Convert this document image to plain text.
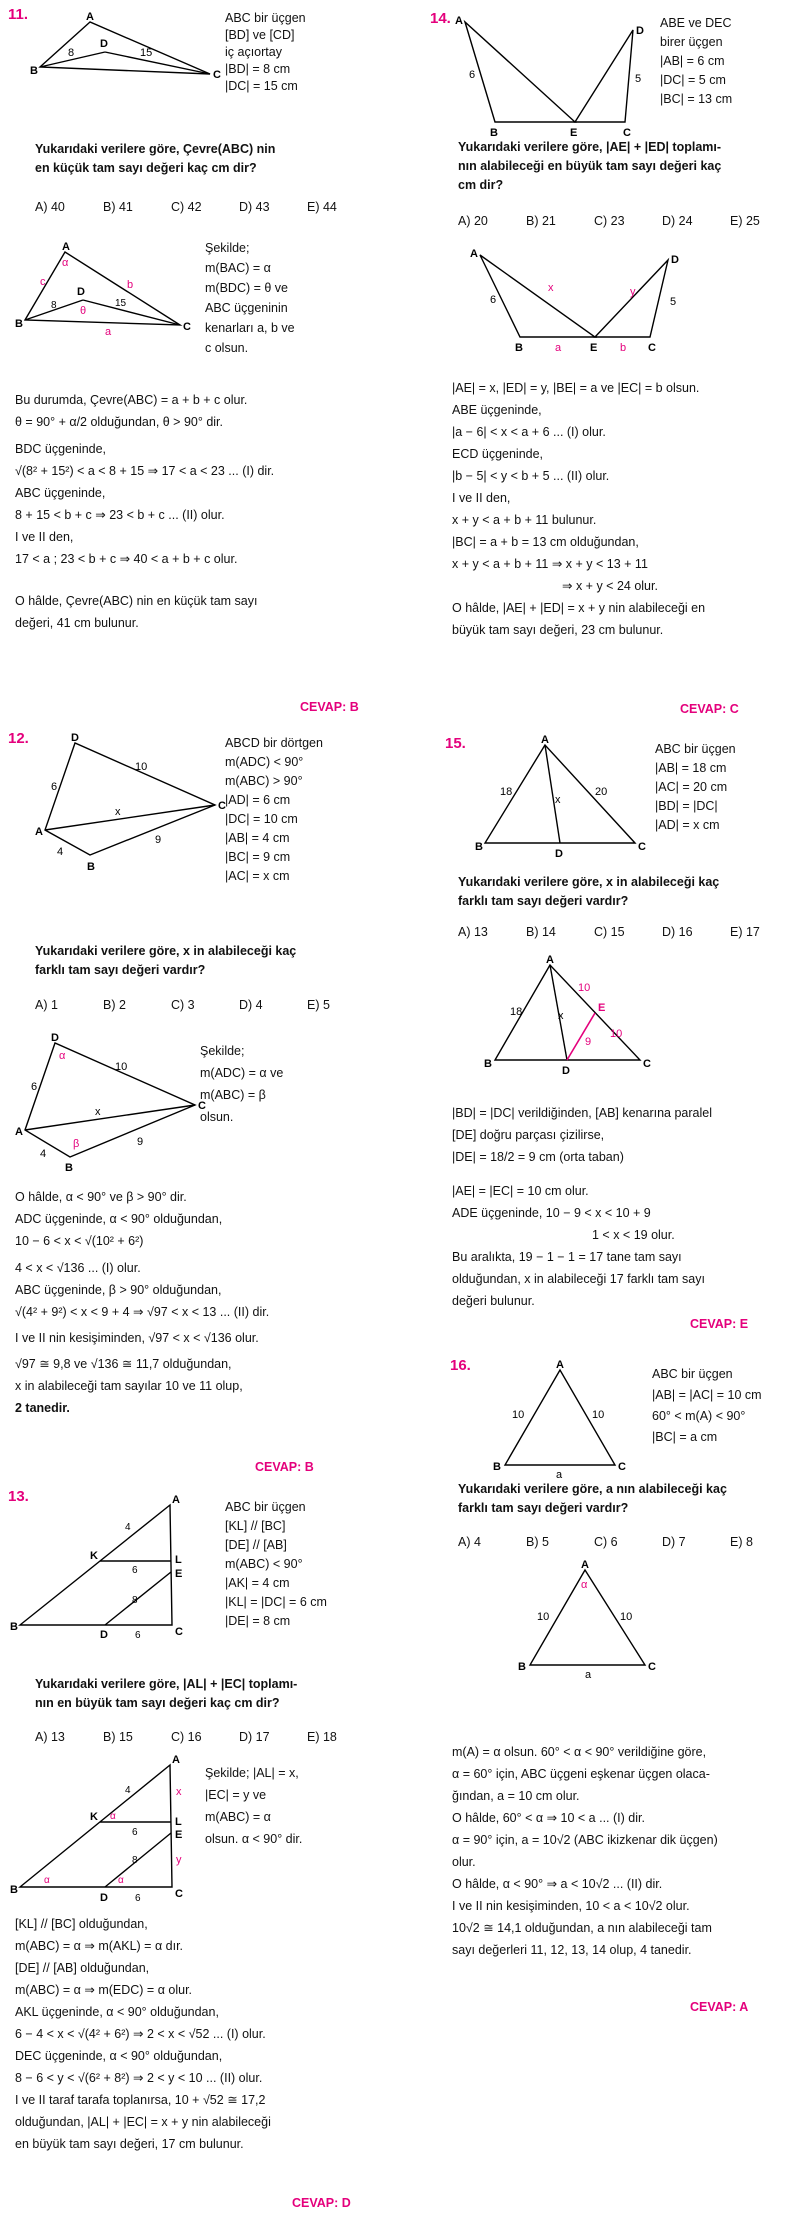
11.	A
B	C
D
8	15
ABC bir üçgen
[BD] ve [CD]
iç açıortay
|BD| = 8 cm
|DC| = 15 cm
Yukarıdaki verilere göre, Çevre(ABC) nin
en küçük tam sayı değeri kaç cm dir?
A) 40	B) 41	C) 42	D) 43	E) 44
A
B	C
D
α
θ
c	b
a
8	15
Şekilde;
m(BAC) = α
m(BDC) = θ ve
ABC üçgeninin
kenarları a, b ve
c olsun.
Bu durumda, Çevre(ABC) = a + b + c olur.
θ = 90° + α/2 olduğundan, θ > 90° dir.
BDC üçgeninde,
√(8² + 15²) < a < 8 + 15 ⇒ 17 < a < 23 ... (I) dir.
ABC üçgeninde,
8 + 15 < b + c ⇒ 23 < b + c ... (II) olur.
I ve II den,
17 < a ; 23 < b + c ⇒ 40 < a + b + c olur.
O hâlde, Çevre(ABC) nin en küçük tam sayı
değeri, 41 cm bulunur.
CEVAP: B
12.	D
A
B
C
6
10
4
9
x
ABCD bir dörtgen
m(ADC) < 90°
m(ABC) > 90°
|AD| = 6 cm
|DC| = 10 cm
|AB| = 4 cm
|BC| = 9 cm
|AC| = x cm
Yukarıdaki verilere göre, x in alabileceği kaç
farklı tam sayı değeri vardır?
A) 1	B) 2	C) 3	D) 4	E) 5
D
A
B
C
α
β
6
10
4
9
x
Şekilde;
m(ADC) = α ve
m(ABC) = β
olsun.
O hâlde, α < 90° ve β > 90° dir.
ADC üçgeninde, α < 90° olduğundan,
10 − 6 < x < √(10² + 6²)
4 < x < √136 ... (I) olur.
ABC üçgeninde, β > 90° olduğundan,
√(4² + 9²) < x < 9 + 4 ⇒ √97 < x < 13 ... (II) dir.
I ve II nin kesişiminden, √97 < x < √136 olur.
√97 ≅ 9,8 ve √136 ≅ 11,7 olduğundan,
x in alabileceği tam sayılar 10 ve 11 olup,
2 tanedir.
CEVAP: B
13.	A
B	C
D
E
K	L
4
6
8
6
ABC bir üçgen
[KL] // [BC]
[DE] // [AB]
m(ABC) < 90°
|AK| = 4 cm
|KL| = |DC| = 6 cm
|DE| = 8 cm
Yukarıdaki verilere göre, |AL| + |EC| toplamı-
nın en büyük tam sayı değeri kaç cm dir?
A) 13	B) 15	C) 16	D) 17	E) 18
A
B	C
D
E
K	L
x
y
α
α	α
4
6
8
6
Şekilde; |AL| = x,
|EC| = y ve
m(ABC) = α
olsun. α < 90° dir.
[KL] // [BC] olduğundan,
m(ABC) = α ⇒ m(AKL) = α dır.
[DE] // [AB] olduğundan,
m(ABC) = α ⇒ m(EDC) = α olur.
AKL üçgeninde, α < 90° olduğundan,
6 − 4 < x < √(4² + 6²) ⇒ 2 < x < √52 ... (I) olur.
DEC üçgeninde, α < 90° olduğundan,
8 − 6 < y < √(6² + 8²) ⇒ 2 < y < 10 ... (II) olur.
I ve II taraf tarafa toplanırsa, 10 + √52 ≅ 17,2
olduğundan, |AL| + |EC| = x + y nin alabileceği
en büyük tam sayı değeri, 17 cm bulunur.
CEVAP: D
14. A
B	E	C
D
6	5
ABE ve DEC
birer üçgen
|AB| = 6 cm
|DC| = 5 cm
|BC| = 13 cm
Yukarıdaki verilere göre, |AE| + |ED| toplamı-
nın alabileceği en büyük tam sayı değeri kaç
cm dir?
A) 20	B) 21	C) 23	D) 24	E) 25
A
B	E	C
D
6	5
x	y
a	b
|AE| = x, |ED| = y, |BE| = a ve |EC| = b olsun.
ABE üçgeninde,
|a − 6| < x < a + 6 ... (I) olur.
ECD üçgeninde,
|b − 5| < y < b + 5 ... (II) olur.
I ve II den,
x + y < a + b + 11 bulunur.
|BC| = a + b = 13 cm olduğundan,
x + y < a + b + 11 ⇒ x + y < 13 + 11
⇒ x + y < 24 olur.
O hâlde, |AE| + |ED| = x + y nin alabileceği en
büyük tam sayı değeri, 23 cm bulunur.
CEVAP: C
15.	A
B	C
D
18	20
x
ABC bir üçgen
|AB| = 18 cm
|AC| = 20 cm
|BD| = |DC|
|AD| = x cm
Yukarıdaki verilere göre, x in alabileceği kaç
farklı tam sayı değeri vardır?
A) 13	B) 14	C) 15	D) 16	E) 17
A
B	C
D
E
18
10
10
9
x
|BD| = |DC| verildiğinden, [AB] kenarına paralel
[DE] doğru parçası çizilirse,
|DE| = 18/2 = 9 cm (orta taban)
|AE| = |EC| = 10 cm olur.
ADE üçgeninde, 10 − 9 < x < 10 + 9
1 < x < 19 olur.
Bu aralıkta, 19 − 1 − 1 = 17 tane tam sayı
olduğundan, x in alabileceği 17 farklı tam sayı
değeri bulunur.
CEVAP: E
16.	A
B	C
10	10
a
ABC bir üçgen
|AB| = |AC| = 10 cm
60° < m(A) < 90°
|BC| = a cm
Yukarıdaki verilere göre, a nın alabileceği kaç
farklı tam sayı değeri vardır?
A) 4	B) 5	C) 6	D) 7	E) 8
A
B	C
α
10	10
a
m(A) = α olsun. 60° < α < 90° verildiğine göre,
α = 60° için, ABC üçgeni eşkenar üçgen olaca-
ğından, a = 10 cm olur.
O hâlde, 60° < α ⇒ 10 < a ... (I) dir.
α = 90° için, a = 10√2 (ABC ikizkenar dik üçgen)
olur.
O hâlde, α < 90° ⇒ a < 10√2 ... (II) dir.
I ve II nin kesişiminden, 10 < a < 10√2 olur.
10√2 ≅ 14,1 olduğundan, a nın alabileceği tam
sayı değerleri 11, 12, 13, 14 olup, 4 tanedir.
CEVAP: A
